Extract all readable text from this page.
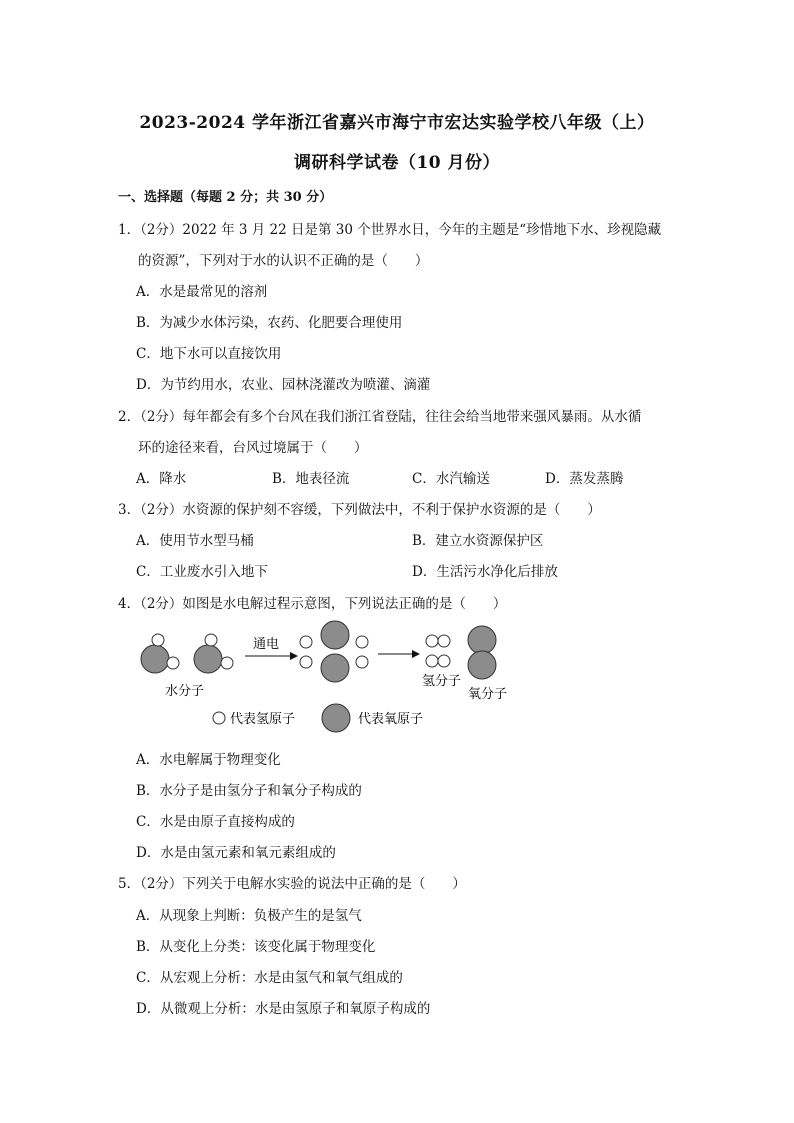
2023-2024 学年浙江省嘉兴市海宁市宏达实验学校八年级（上）
调研科学试卷（10 月份）
一、选择题（每题 2 分；共 30 分）
1．（2分）2022 年 3 月 22 日是第 30 个世界水日，今年的主题是“珍惜地下水、珍视隐藏
的资源”，下列对于水的认识不正确的是（　　）
A．水是最常见的溶剂
B．为减少水体污染，农药、化肥要合理使用
C．地下水可以直接饮用
D．为节约用水，农业、园林浇灌改为喷灌、滴灌
2．（2分）每年都会有多个台风在我们浙江省登陆，往往会给当地带来强风暴雨。从水循
环的途径来看，台风过境属于（　　）
A．降水	B．地表径流	C．水汽输送	D．蒸发蒸腾
3．（2分）水资源的保护刻不容缓，下列做法中，不利于保护水资源的是（　　）
A．使用节水型马桶	B．建立水资源保护区
C．工业废水引入地下	D．生活污水净化后排放
4．（2分）如图是水电解过程示意图，下列说法正确的是（　　）
水分子
通电
氢分子
氧分子
代表氢原子	代表氧原子
A．水电解属于物理变化
B．水分子是由氢分子和氧分子构成的
C．水是由原子直接构成的
D．水是由氢元素和氧元素组成的
5．（2分）下列关于电解水实验的说法中正确的是（　　）
A．从现象上判断：负极产生的是氢气
B．从变化上分类：该变化属于物理变化
C．从宏观上分析：水是由氢气和氧气组成的
D．从微观上分析：水是由氢原子和氧原子构成的
